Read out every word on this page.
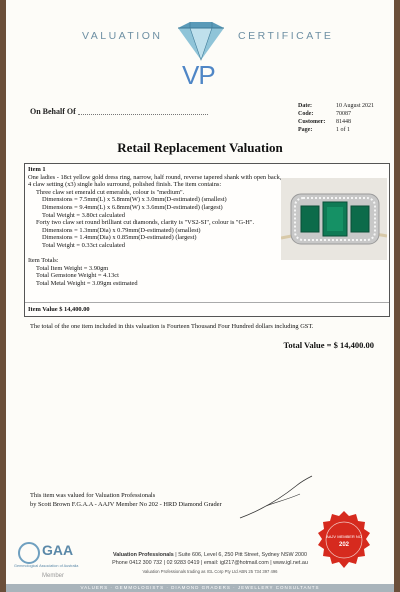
VALUATION
VP
CERTIFICATE
On Behalf Of
Date:	10 August 2021
Code:	70087
Customer:	81448
Page:	1 of 1
Retail Replacement Valuation
Item 1
One ladies - 18ct yellow gold dress ring, narrow, half round, reverse tapered shank with open back, 4 claw setting (x3) single halo surround, polished finish. The item contains:
Three claw set emerald cut emeralds, colour is "medium".
Dimensions = 7.5mm(L) x 5.8mm(W) x 3.0mm(D-estimated) (smallest)
Dimensions = 9.4mm(L) x 6.8mm(W) x 3.6mm(D-estimated) (largest)
Total Weight = 3.80ct calculated
Forty two claw set round brilliant cut diamonds, clarity is "VS2-SI", colour is "G-H".
Dimensions = 1.3mm(Dia) x 0.79mm(D-estimated) (smallest)
Dimensions = 1.4mm(Dia) x 0.85mm(D-estimated) (largest)
Total Weight = 0.33ct calculated
Item Totals:
Total Item Weight = 3.90gm
Total Gemstone Weight = 4.13ct
Total Metal Weight = 3.09gm estimated
Item Value $ 14,400.00
The total of the one item included in this valuation is Fourteen Thousand Four Hundred dollars including GST.
Total Value = $ 14,400.00
This item was valued for Valuation Professionals
by Scott Brown F.G.A.A - AAJV Member No 202 - HRD Diamond Grader
AAJV MEMBER NO
202
GAA
Gemmological Association of Australia
Member
Valuation Professionals | Suite 606, Level 6, 250 Pitt Street, Sydney NSW 2000
Phone 0412 300 732 | 02 9283 0419 | email: igl217@hotmail.com | www.igl.net.au
Valuation Professionals trading as IGL Corp Pty Ltd ABN 25 734 397 496
VALUERS · GEMMOLOGISTS · DIAMOND GRADERS · JEWELLERY CONSULTANTS
